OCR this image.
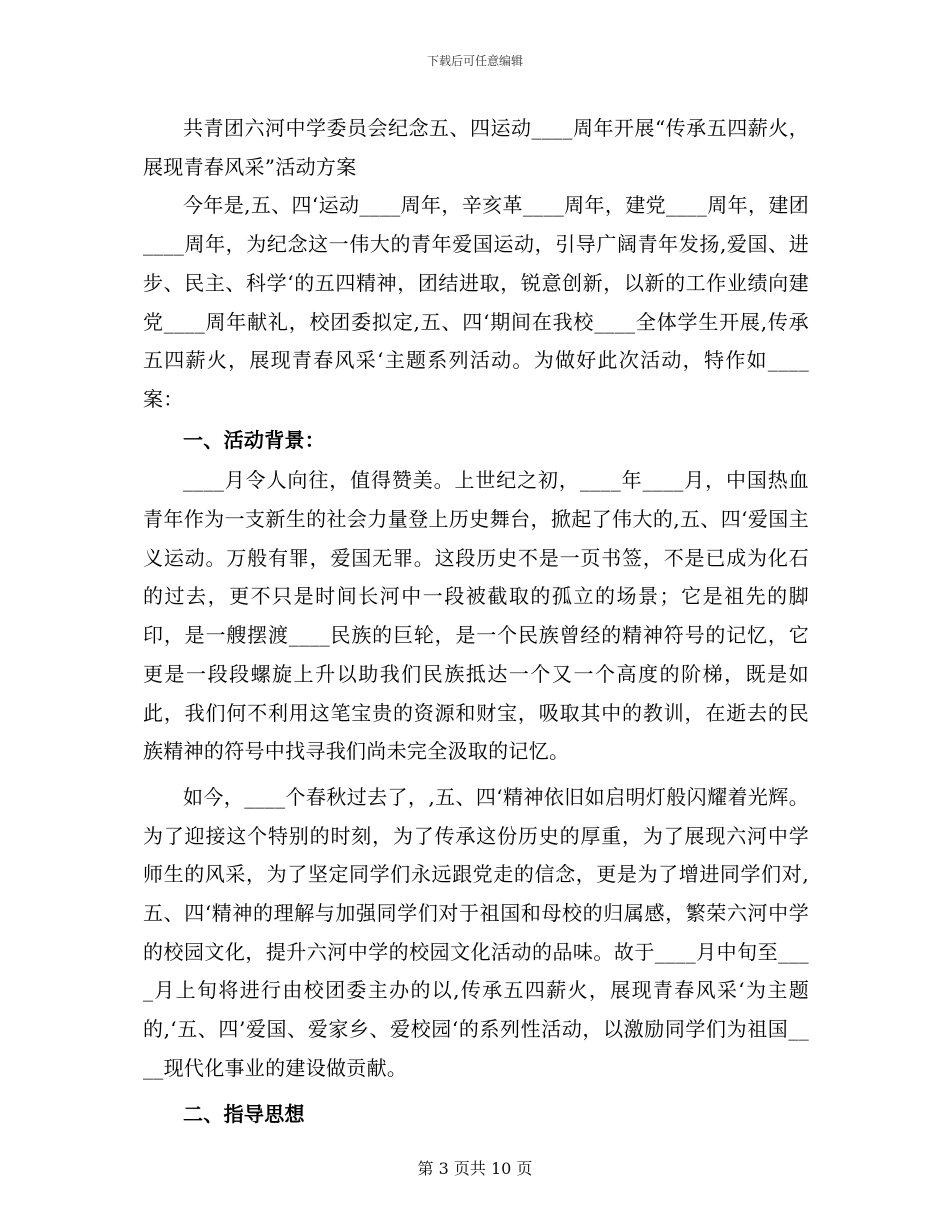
下载后可任意编辑

共青团六河中学委员会纪念五、四运动____周年开展“传承五四薪火，展现青春风采”活动方案

今年是,五、四‘运动____周年，辛亥革____周年，建党____周年，建团____周年，为纪念这一伟大的青年爱国运动，引导广阔青年发扬,爱国、进步、民主、科学‘的五四精神，团结进取，锐意创新，以新的工作业绩向建党____周年献礼，校团委拟定,五、四‘期间在我校____全体学生开展,传承五四薪火，展现青春风采‘主题系列活动。为做好此次活动，特作如____案：

一、活动背景：

____月令人向往，值得赞美。上世纪之初，____年____月，中国热血青年作为一支新生的社会力量登上历史舞台，掀起了伟大的,五、四‘爱国主义运动。万般有罪，爱国无罪。这段历史不是一页书签，不是已成为化石的过去，更不只是时间长河中一段被截取的孤立的场景；它是祖先的脚印，是一艘摆渡____民族的巨轮，是一个民族曾经的精神符号的记忆，它更是一段段螺旋上升以助我们民族抵达一个又一个高度的阶梯，既是如此，我们何不利用这笔宝贵的资源和财宝，吸取其中的教训，在逝去的民族精神的符号中找寻我们尚未完全汲取的记忆。

如今，____个春秋过去了，,五、四‘精神依旧如启明灯般闪耀着光辉。为了迎接这个特别的时刻，为了传承这份历史的厚重，为了展现六河中学师生的风采，为了坚定同学们永远跟党走的信念，更是为了增进同学们对,五、四‘精神的理解与加强同学们对于祖国和母校的归属感，繁荣六河中学的校园文化，提升六河中学的校园文化活动的品味。故于____月中旬至____月上旬将进行由校团委主办的以,传承五四薪火，展现青春风采‘为主题的,‘五、四’爱国、爱家乡、爱校园‘的系列性活动，以激励同学们为祖国____现代化事业的建设做贡献。

二、指导思想

第 3 页共 10 页
